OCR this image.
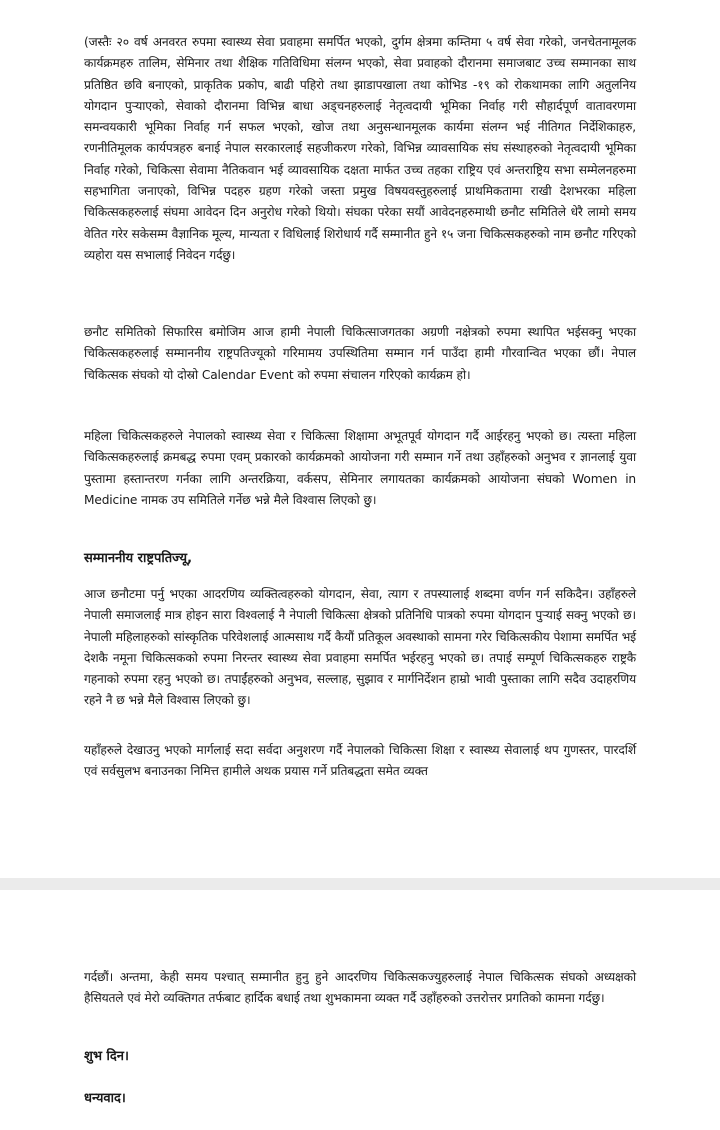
(जस्तैः २० वर्ष अनवरत रुपमा स्वास्थ्य सेवा प्रवाहमा समर्पित भएको, दुर्गम क्षेत्रमा कम्तिमा ५ वर्ष सेवा गरेको, जनचेतनामूलक कार्यक्रमहरु तालिम, सेमिनार तथा शैक्षिक गतिविधिमा संलग्न भएको, सेवा प्रवाहको दौरानमा समाजबाट उच्च सम्मानका साथ प्रतिष्ठित छवि बनाएको, प्राकृतिक प्रकोप, बाढी पहिरो तथा झाडापखाला तथा कोभिड -१९ को रोकथामका लागि अतुलनिय योगदान पुऱ्याएको, सेवाको दौरानमा विभिन्न बाधा अड्चनहरुलाई नेतृत्वदायी भूमिका निर्वाह गरी सौहार्दपूर्ण वातावरणमा समन्वयकारी भूमिका निर्वाह गर्न सफल भएको, खोज तथा अनुसन्धानमूलक कार्यमा संलग्न भई नीतिगत निर्देशिकाहरु, रणनीतिमूलक कार्यपत्रहरु बनाई नेपाल सरकारलाई सहजीकरण गरेको, विभिन्न व्यावसायिक संघ संस्थाहरुको नेतृत्वदायी भूमिका निर्वाह गरेको, चिकित्सा सेवामा नैतिकवान भई व्यावसायिक दक्षता मार्फत उच्च तहका राष्ट्रिय एवं अन्तराष्ट्रिय सभा सम्मेलनहरुमा सहभागिता जनाएको, विभिन्न पदहरु ग्रहण गरेको जस्ता प्रमुख विषयवस्तुहरुलाई प्राथमिकतामा राखी देशभरका महिला चिकित्सकहरुलाई संघमा आवेदन दिन अनुरोध गरेको थियो। संघका परेका सयौं आवेदनहरुमाथी छनौट समितिले धेरै लामो समय वेतित गरेर सकेसम्म वैज्ञानिक मूल्य, मान्यता र विधिलाई शिरोधार्य गर्दै सम्मानीत हुने १५ जना चिकित्सकहरुको नाम छनौट गरिएको व्यहोरा यस सभालाई निवेदन गर्दछु।

छनौट समितिको सिफारिस बमोजिम आज हामी नेपाली चिकित्साजगतका अग्रणी नक्षेत्रको रुपमा स्थापित भईसक्नु भएका चिकित्सकहरुलाई सम्माननीय राष्ट्रपतिज्यूको गरिमामय उपस्थितिमा सम्मान गर्न पाउँदा हामी गौरवान्वित भएका छौं। नेपाल चिकित्सक संघको यो दोस्रो Calendar Event को रुपमा संचालन गरिएको कार्यक्रम हो।

महिला चिकित्सकहरुले नेपालको स्वास्थ्य सेवा र चिकित्सा शिक्षामा अभूतपूर्व योगदान गर्दै आईरहनु भएको छ। त्यस्ता महिला चिकित्सकहरुलाई क्रमबद्ध रुपमा एवम् प्रकारको कार्यक्रमको आयोजना गरी सम्मान गर्ने तथा उहाँहरुको अनुभव र ज्ञानलाई युवा पुस्तामा हस्तान्तरण गर्नका लागि अन्तरक्रिया, वर्कसप, सेमिनार लगायतका कार्यक्रमको आयोजना संघको Women in Medicine नामक उप समितिले गर्नेछ भन्ने मैले विश्वास लिएको छु।

सम्माननीय राष्ट्रपतिज्यू,

आज छनौटमा पर्नु भएका आदरणिय व्यक्तित्वहरुको योगदान, सेवा, त्याग र तपस्यालाई शब्दमा वर्णन गर्न सकिदैन। उहाँहरुले नेपाली समाजलाई मात्र होइन सारा विश्वलाई नै नेपाली चिकित्सा क्षेत्रको प्रतिनिधि पात्रको रुपमा योगदान पुऱ्याई सक्नु भएको छ। नेपाली महिलाहरुको सांस्कृतिक परिवेशलाई आत्मसाथ गर्दै कैयौं प्रतिकूल अवस्थाको सामना गरेर चिकित्सकीय पेशामा समर्पित भई देशकै नमूना चिकित्सकको रुपमा निरन्तर स्वास्थ्य सेवा प्रवाहमा समर्पित भईरहनु भएको छ। तपाई सम्पूर्ण चिकित्सकहरु राष्ट्रकै गहनाको रुपमा रहनु भएको छ। तपाईंहरुको अनुभव, सल्लाह, सुझाव र मार्गनिर्देशन हाम्रो भावी पुस्ताका लागि सदैव उदाहरणिय रहने नै छ भन्ने मैले विश्वास लिएको छु।

यहाँहरुले देखाउनु भएको मार्गलाई सदा सर्वदा अनुशरण गर्दै नेपालको चिकित्सा शिक्षा र स्वास्थ्य सेवालाई थप गुणस्तर, पारदर्शि एवं सर्वसुलभ बनाउनका निमित्त हामीले अथक प्रयास गर्ने प्रतिबद्धता समेत व्यक्त

गर्दछौं। अन्तमा, केही समय पश्चात् सम्मानीत हुनु हुने आदरणिय चिकित्सकज्युहरुलाई नेपाल चिकित्सक संघको अध्यक्षको हैसियतले एवं मेरो व्यक्तिगत तर्फबाट हार्दिक बधाई तथा शुभकामना व्यक्त गर्दै उहाँहरुको उत्तरोत्तर प्रगतिको कामना गर्दछु।

शुभ दिन।

धन्यवाद।
